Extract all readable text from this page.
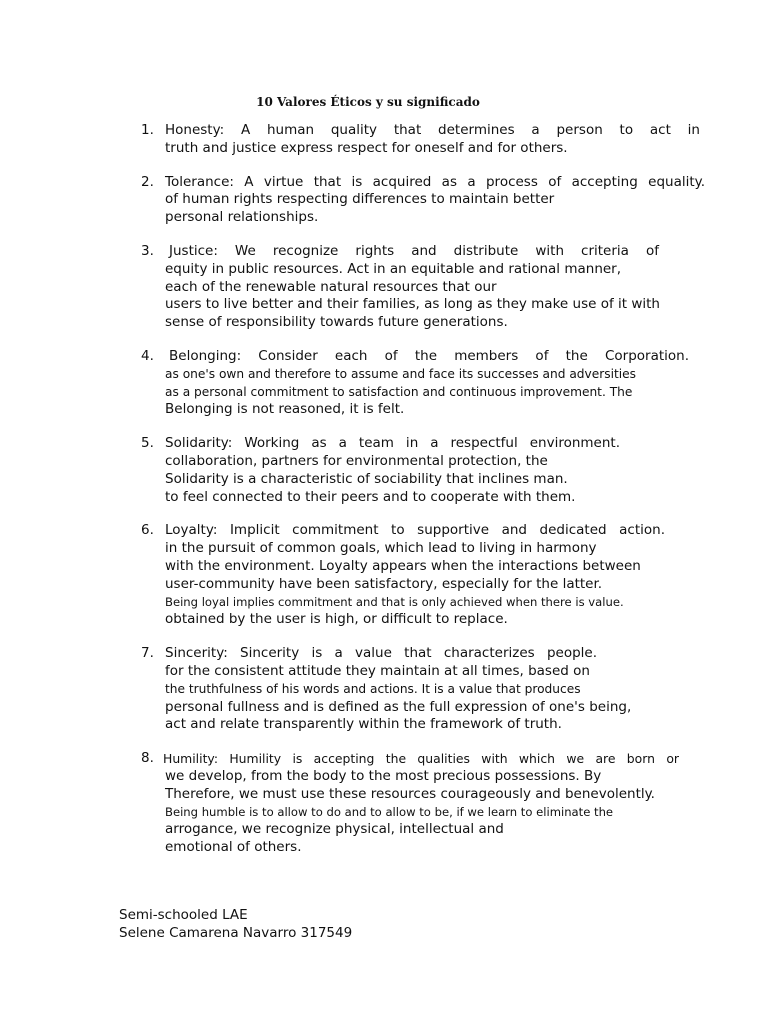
10 Valores Éticos y su significado
1. Honesty: A human quality that determines a person to act in
truth and justice express respect for oneself and for others.
2. Tolerance: A virtue that is acquired as a process of accepting equality.
of human rights respecting differences to maintain better
personal relationships.
3. Justice: We recognize rights and distribute with criteria of
equity in public resources. Act in an equitable and rational manner,
each of the renewable natural resources that our
users to live better and their families, as long as they make use of it with
sense of responsibility towards future generations.
4. Belonging: Consider each of the members of the Corporation.
as one's own and therefore to assume and face its successes and adversities
as a personal commitment to satisfaction and continuous improvement. The
Belonging is not reasoned, it is felt.
5. Solidarity: Working as a team in a respectful environment.
collaboration, partners for environmental protection, the
Solidarity is a characteristic of sociability that inclines man.
to feel connected to their peers and to cooperate with them.
6. Loyalty: Implicit commitment to supportive and dedicated action.
in the pursuit of common goals, which lead to living in harmony
with the environment. Loyalty appears when the interactions between
user-community have been satisfactory, especially for the latter.
Being loyal implies commitment and that is only achieved when there is value.
obtained by the user is high, or difficult to replace.
7. Sincerity: Sincerity is a value that characterizes people.
for the consistent attitude they maintain at all times, based on
the truthfulness of his words and actions. It is a value that produces
personal fullness and is defined as the full expression of one's being,
act and relate transparently within the framework of truth.
8. Humility: Humility is accepting the qualities with which we are born or
we develop, from the body to the most precious possessions. By
Therefore, we must use these resources courageously and benevolently.
Being humble is to allow to do and to allow to be, if we learn to eliminate the
arrogance, we recognize physical, intellectual and
emotional of others.
Semi-schooled LAE
Selene Camarena Navarro 317549
